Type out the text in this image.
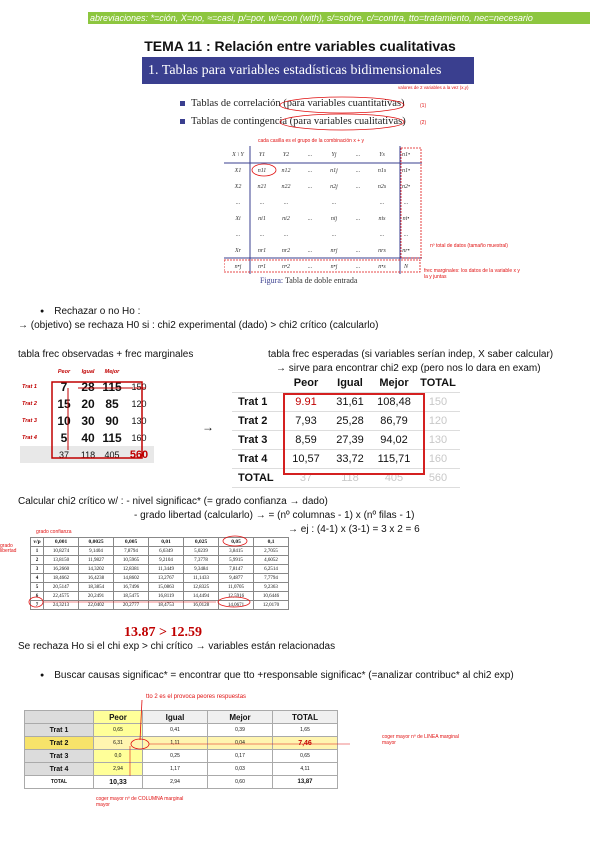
abreviaciones: *=ción, X=no, ≈=casi, p/=por, w/=con (with), s/=sobre, c/=contra, tto=tratamiento, nec=necesario
TEMA 11 : Relación entre variables cualitativas
1. Tablas para variables estadísticas bidimensionales
valores de 2 variables a la vez (x,y)
Tablas de correlación (para variables cuantitativas)
Tablas de contingencia (para variables cualitativas)
(1)
(2)
cada casilla es el grupo de la combinación x + y
X \ Y	Y1	Y2	...	Yj	...	Ys	n1•
X1	n11	n12	...	n1j	...	n1s	n1•
X2	n21	n22	...	n2j	...	n2s	n2•
...	...	...		...		...	...
Xi	ni1	ni2	...	nij	...	nis	ni•
...	...	...		...		...	...
Xr	nr1	nr2	...	nrj	...	nrs	nr•
n•j	n•1	n•2	...	n•j	...	n•s	N
nº total de datos (tamaño muestral)
frec marginales: los datos de la variable x y la y juntas
Figura: Tabla de doble entrada
● Rechazar o no Ho :
→ (objetivo) se rechaza H0 si : chi2 experimental (dado) > chi2 crítico (calcularlo)
tabla frec observadas + frec marginales	tabla frec esperadas (si variables serían indep, X saber calcular)
→ sirve para encontrar chi2 exp (pero nos lo dara en exam)
	Peor	Igual	Mejor	
Trat 1	7	28	115	150
Trat 2	15	20	85	120
Trat 3	10	30	90	130
Trat 4	5	40	115	160
	37	118	405	560
→
	Peor	Igual	Mejor	TOTAL
Trat 1	9.91	31,61	108,48	150
Trat 2	7,93	25,28	86,79	120
Trat 3	8,59	27,39	94,02	130
Trat 4	10,57	33,72	115,71	160
TOTAL	37	118	405	560
Calcular chi2 crítico w/ : - nivel significac* (= grado confianza → dado)
- grado libertad (calcularlo) → = (nº columnas - 1) x (nº filas - 1)
→ ej : (4-1) x (3-1) = 3 x 2 = 6
grado confianza
grado libertad
v/p	0,001	0,0025	0,005	0,01	0,025	0,05	0,1
1	10,8274	9,1404	7,8794	6,6349	5,0239	3,8415	2,7055
2	13,8150	11,9827	10,5965	9,2104	7,3778	5,9915	4,6052
3	16,2660	14,3202	12,8381	11,3449	9,3484	7,8147	6,2514
4	18,4662	16,4238	14,8602	13,2767	11,1433	9,4877	7,7794
5	20,5147	18,3854	16,7496	15,0863	12,8325	11,0705	9,2363
6	22,4575	20,2491	18,5475	16,8119	14,4494	12,5916	10,6446
7	24,3213	22,0402	20,2777	18,4753	16,0128	14,0671	12,0170
13.87 > 12.59
Se rechaza Ho si el chi exp > chi crítico → variables están relacionadas
● Buscar causas significac* = encontrar que tto +responsable significac* (=analizar contribuc* al chi2 exp)
tto 2 es el provoca peores respuestas
	Peor	Igual	Mejor	TOTAL
Trat 1	0,65	0,41	0,39	1,65
Trat 2	6,31	1,11	0,04	7,46
Trat 3	0,0	0,25	0,17	0,65
Trat 4	2,94	1,17	0,03	4,11
TOTAL	10,33	2,94	0,60	13,87
coger mayor nº de LINEA marginal mayor
coger mayor nº de COLUMNA marginal mayor
